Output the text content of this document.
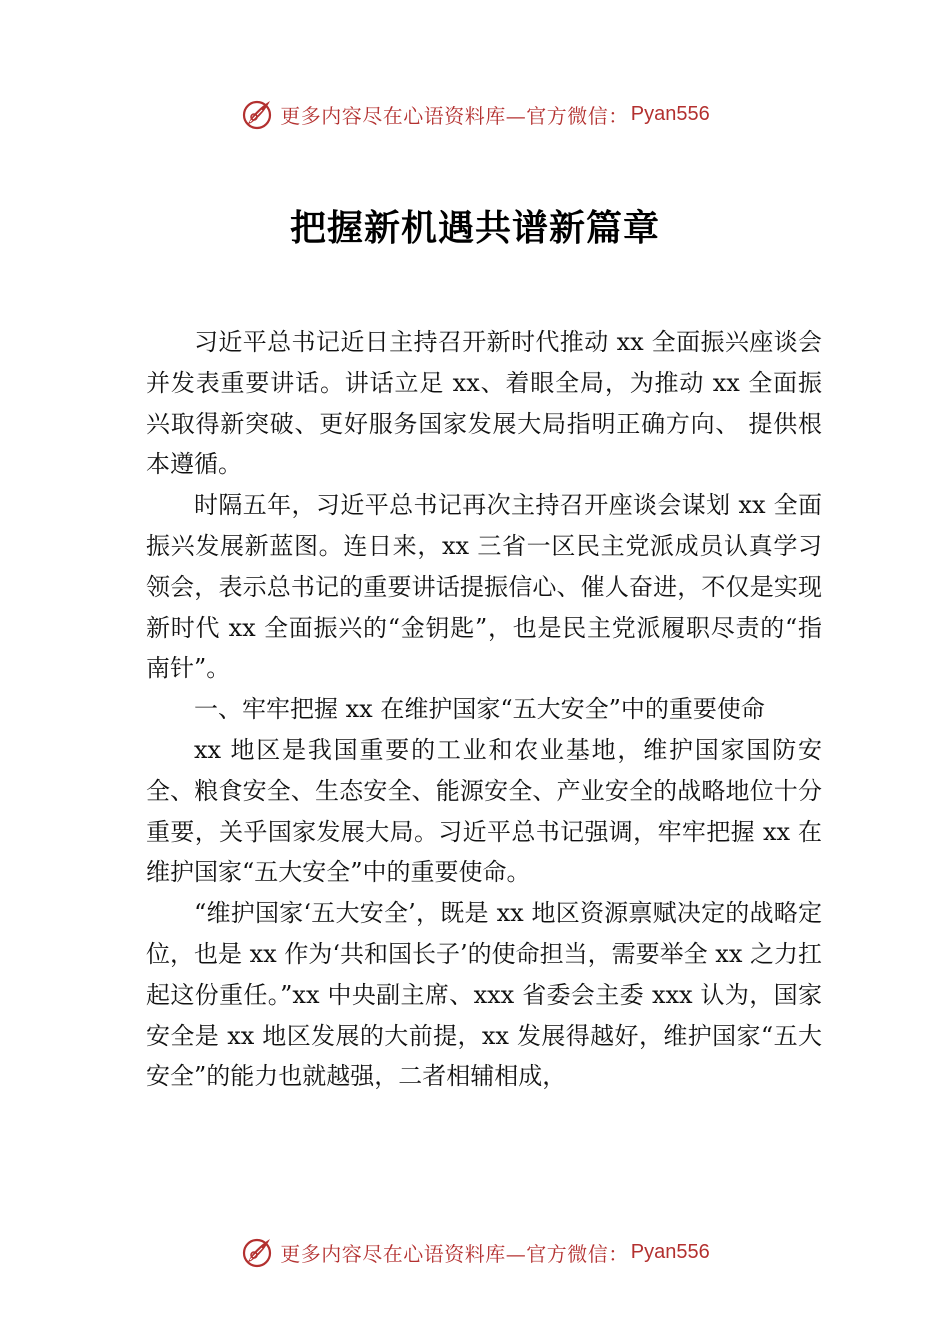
更多内容尽在心语资料库—官方微信： Pyan556
把握新机遇共谱新篇章

习近平总书记近日主持召开新时代推动 xx 全面振兴座谈会并发表重要讲话。讲话立足 xx、着眼全局，为推动 xx 全面振兴取得新突破、更好服务国家发展大局指明正确方向、 提供根本遵循。

时隔五年，习近平总书记再次主持召开座谈会谋划 xx 全面振兴发展新蓝图。连日来，xx 三省一区民主党派成员认真学习领会，表示总书记的重要讲话提振信心、催人奋进，不仅是实现新时代 xx 全面振兴的“金钥匙”，也是民主党派履职尽责的“指南针”。

一、牢牢把握 xx 在维护国家“五大安全”中的重要使命

xx 地区是我国重要的工业和农业基地，维护国家国防安全、粮食安全、生态安全、能源安全、产业安全的战略地位十分重要，关乎国家发展大局。习近平总书记强调，牢牢把握 xx 在维护国家“五大安全”中的重要使命。

“维护国家‘五大安全’，既是 xx 地区资源禀赋决定的战略定位，也是 xx 作为‘共和国长子’的使命担当，需要举全 xx 之力扛起这份重任。”xx 中央副主席、xxx 省委会主委 xxx 认为，国家安全是 xx 地区发展的大前提，xx 发展得越好，维护国家“五大安全”的能力也就越强，二者相辅相成，

更多内容尽在心语资料库—官方微信： Pyan556
